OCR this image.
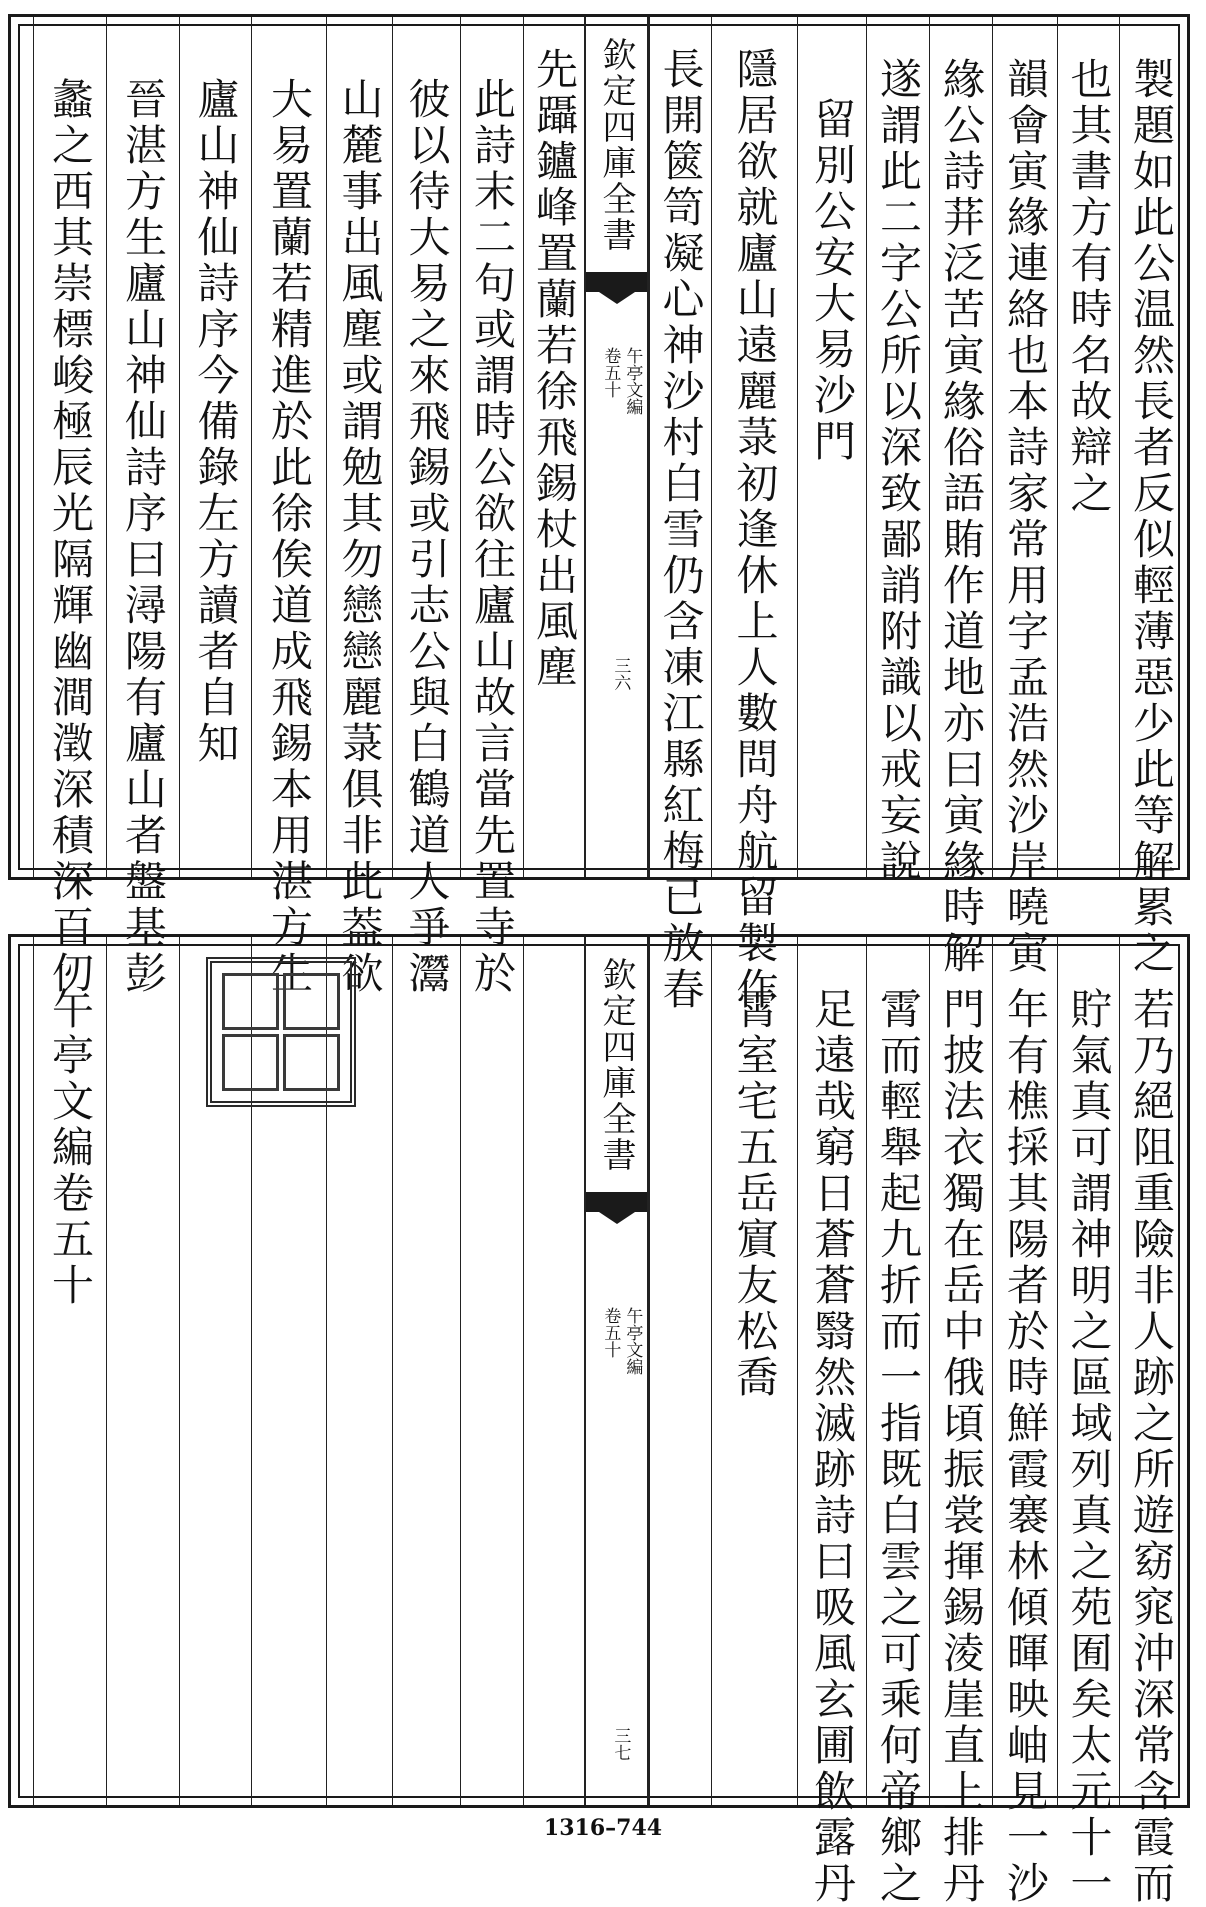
製題如此公温然長者反似輕薄惡少此等解累之
也其書方有時名故辯之
韻會寅緣連絡也本詩家常用字孟浩然沙岸曉寅
緣公詩荓泛苦寅緣俗語賄作道地亦曰寅緣時解
遂謂此二字公所以深致鄙誚附識以戒妄說
留別公安大易沙門
隱居欲就廬山遠麗菉初逢休上人數問舟航留製作
長開篋笥凝心神沙村白雪仍含凍江縣紅梅已放春
欽定四庫全書
午亭文編
卷五十
三六
先躡鑪峰置蘭若徐飛錫杖出風塵
此詩末二句或謂時公欲往廬山故言當先置寺於
彼以待大易之來飛錫或引志公與白鶴道人爭灊
山麓事出風塵或謂勉其勿戀戀麗菉俱非此葢欲
大易置蘭若精進於此徐俟道成飛錫本用湛方生
廬山神仙詩序今備錄左方讀者自知
晉湛方生廬山神仙詩序曰潯陽有廬山者盤基彭
蠡之西其崇標峻極辰光隔輝幽澗澂深積深百仞
若乃絕阻重險非人跡之所遊窈窕沖深常含霞而
貯氣真可謂神明之區域列真之苑囿矣太元十一
年有樵採其陽者於時鮮霞褰林傾暉映岫見一沙
門披法衣獨在岳中俄頃振裳揮錫淩崖直上排丹
霄而輕舉起九折而一指既白雲之可乘何帝鄉之
足遠哉窮日蒼蒼翳然滅跡詩曰吸風玄圃飲露丹
霄室宅五岳賔友松喬
欽定四庫全書
午亭文編
卷五十
三七
午亭文編卷五十
1316–744
